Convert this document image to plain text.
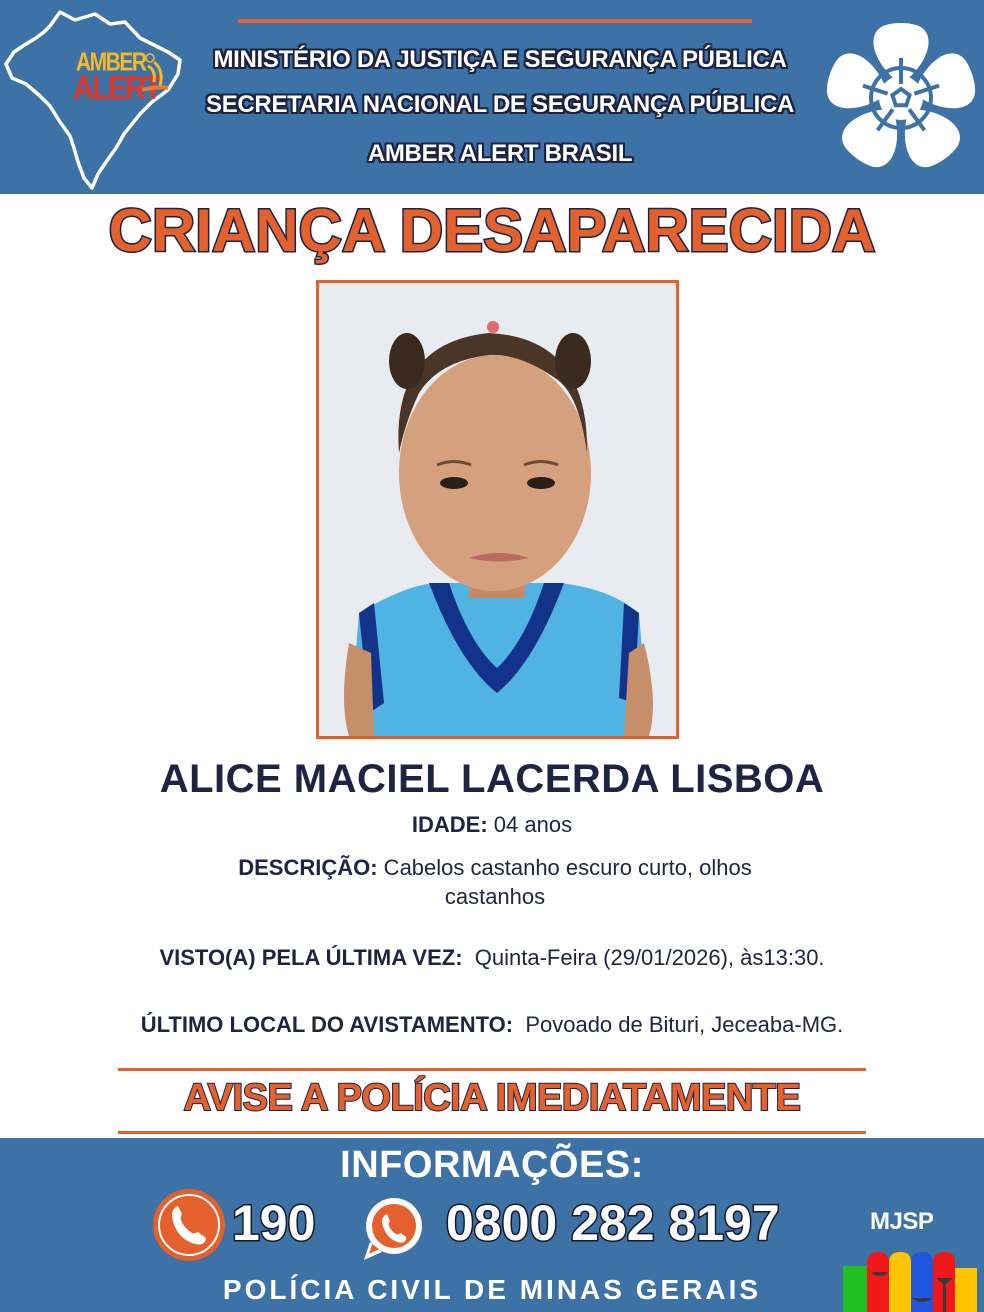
AMBER
ALERT
MINISTÉRIO DA JUSTIÇA E SEGURANÇA PÚBLICA
SECRETARIA NACIONAL DE SEGURANÇA PÚBLICA
AMBER ALERT BRASIL
CRIANÇA DESAPARECIDA
ALICE MACIEL LACERDA LISBOA
IDADE: 04 anos
DESCRIÇÃO: Cabelos castanho escuro curto, olhos castanhos
VISTO(A) PELA ÚLTIMA VEZ:  Quinta-Feira (29/01/2026), às13:30.
ÚLTIMO LOCAL DO AVISTAMENTO:  Povoado de Bituri, Jeceaba-MG.
AVISE A POLÍCIA IMEDIATAMENTE
INFORMAÇÕES:
190	0800 282 8197
POLÍCIA CIVIL DE MINAS GERAIS
MJSP
